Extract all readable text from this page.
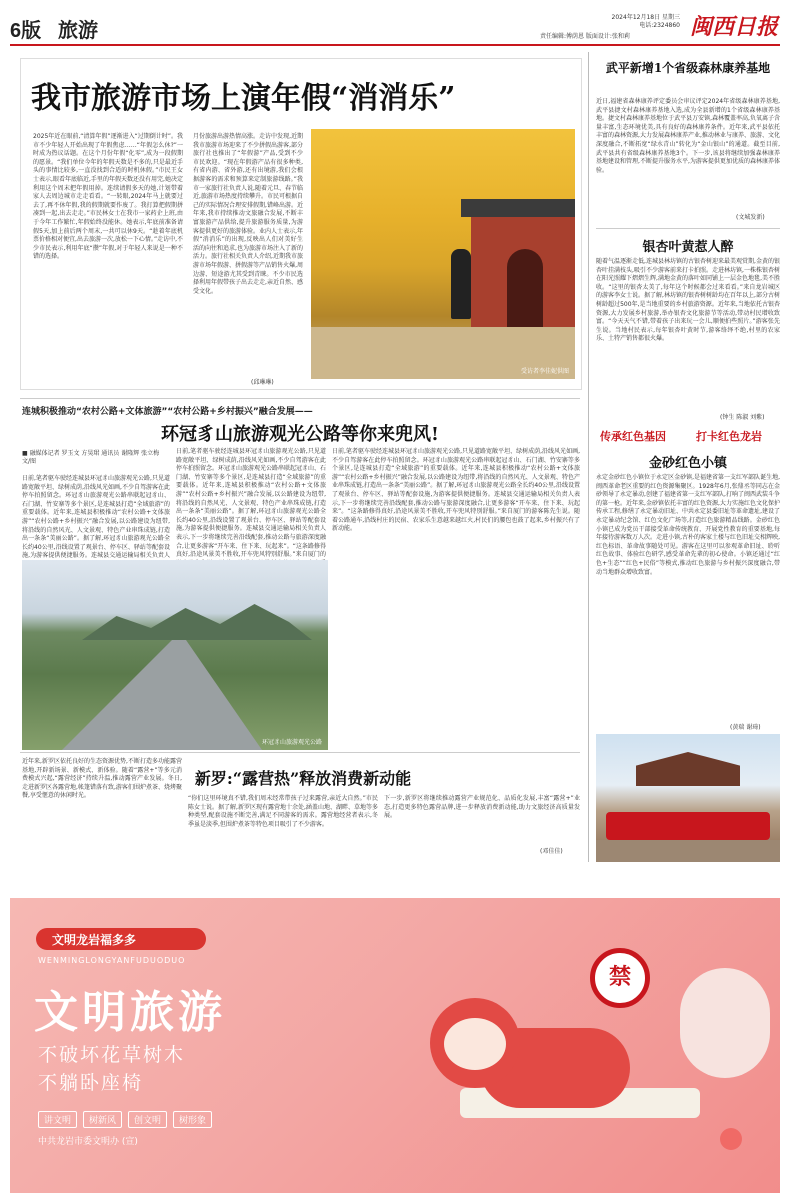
6版 旅游
2024年12月18日 星期三
电话:2324860
责任编辑:傅荫恩 版面设计:张和莉	闽西日报
我市旅游市场上演年假“消消乐”
2025年近在眼前,“清算年假”逐渐进入“过期倒计时”。我市不少年轻人开始出现了年假焦虑……“年假怎么休?”一时成为热议话题。在这个月份年假“化零”,成为一段假期的愿景。“我们单位今年的年假天数是不多的,只是最近手头的事情比较多,一直没找到合适的时机休假。”市民王女士表示,眼看年底临近,手里的年假天数还没有用完,她决定利用这个周末把年假用掉。连续请假多天的她,计划带着家人去周边城市走走看看。“一转眼,2024年马上就要过去了,再不休年假,我的假期就要作废了。我打算把假期拼凑到一起,出去走走。”市民林女士在我市一家药企上班,由于今年工作繁忙,年假始终没能休。她表示,年底前准备请假5天,加上前后两个周末,一共可以休9天。“趁着年底机票价格相对便宜,出去旅游一次,放松一下心情。”走访中,不少市民表示,利用年底“攒”年假,对于年轻人来说是一种不错的选择。
月份旅游出游热情高涨。走访中发现,近期我市旅游市场迎来了不少拼假出游客,部分旅行社也推出了“年假游”产品,受到不少市民欢迎。“现在年假游产品有很多种类,有省内游、省外游,还有出境游,我们会根据游客的需求和预算来定制旅游线路。”我市一家旅行社负责人说,随着元旦、春节临近,旅游市场热度持续攀升。市民可根据自己的实际情况合理安排假期,错峰出游。近年来,我市持续推动文旅融合发展,不断丰富旅游产品供给,提升旅游服务质量,为游客提供更好的旅游体验。业内人士表示,年假“消消乐”的出现,反映出人们对美好生活的向往和追求,也为旅游市场注入了新的活力。旅行社相关负责人介绍,近期我市旅游市场年假游、拼假游等产品销售火爆,周边游、短途游尤其受到青睐。不少市民选择利用年假带孩子出去走走,亲近自然、感受文化。
受访者李佳妮供图
(邱琳琳)
连城积极推动“农村公路+文体旅游”“农村公路+乡村振兴”融合发展——
环冠豸山旅游观光公路等你来兜风!
■ 融媒体记者 罗玉文 方昊珺 通讯员 谢隆辉 张立梅 文/图
日前,笔者驱车驶经连城县环冠豸山旅游观光公路,只见道路宽敞平坦、绿树成荫,沿线风光如画,不少自驾游客在此停车拍照留念。环冠豸山旅游观光公路串联起冠豸山、石门湖、竹安寨等多个景区,是连城县打造“全域旅游”的重要载体。近年来,连城县积极推动“农村公路+文体旅游”“农村公路+乡村振兴”融合发展,以公路建设为纽带,将沿线的自然风光、人文景观、特色产业串珠成链,打造出一条条“美丽公路”。据了解,环冠豸山旅游观光公路全长约40公里,沿线设置了观景台、停车区、驿站等配套设施,为游客提供便捷服务。连城县交通运输局相关负责人
日前,笔者驱车驶经连城县环冠豸山旅游观光公路,只见道路宽敞平坦、绿树成荫,沿线风光如画,不少自驾游客在此停车拍照留念。环冠豸山旅游观光公路串联起冠豸山、石门湖、竹安寨等多个景区,是连城县打造“全域旅游”的重要载体。近年来,连城县积极推动“农村公路+文体旅游”“农村公路+乡村振兴”融合发展,以公路建设为纽带,将沿线的自然风光、人文景观、特色产业串珠成链,打造出一条条“美丽公路”。据了解,环冠豸山旅游观光公路全长约40公里,沿线设置了观景台、停车区、驿站等配套设施,为游客提供便捷服务。连城县交通运输局相关负责人表示,下一步将继续完善沿线配套,推动公路与旅游深度融合,让更多游客“开车来、住下来、玩起来”。“这条路修得真好,沿途风景美不胜收,开车兜风特别舒服。”来自厦门的
日前,笔者驱车驶经连城县环冠豸山旅游观光公路,只见道路宽敞平坦、绿树成荫,沿线风光如画,不少自驾游客在此停车拍照留念。环冠豸山旅游观光公路串联起冠豸山、石门湖、竹安寨等多个景区,是连城县打造“全域旅游”的重要载体。近年来,连城县积极推动“农村公路+文体旅游”“农村公路+乡村振兴”融合发展,以公路建设为纽带,将沿线的自然风光、人文景观、特色产业串珠成链,打造出一条条“美丽公路”。据了解,环冠豸山旅游观光公路全长约40公里,沿线设置了观景台、停车区、驿站等配套设施,为游客提供便捷服务。连城县交通运输局相关负责人表示,下一步将继续完善沿线配套,推动公路与旅游深度融合,让更多游客“开车来、住下来、玩起来”。“这条路修得真好,沿途风景美不胜收,开车兜风特别舒服。”来自厦门的游客陈先生说。随着公路通车,沿线村庄的民宿、农家乐生意越来越红火,村民们的腰包也鼓了起来,乡村振兴有了新动能。
环冠豸山旅游观光公路
近年来,新罗区依托良好的生态资源优势,不断打造多功能露营基地,开辟新场景、新模式、新体验。随着“露营+”等多元消费模式兴起,“露营经济”持续升温,推动露营产业发展。冬日,走进新罗区各露营地,帐篷错落有致,游客们围炉煮茶、烧烤聚餐,享受惬意的休闲时光。
新罗:“露营热”释放消费新动能
“你们这里环境真不错,我们周末经常带孩子过来露营,亲近大自然。”市民陈女士说。据了解,新罗区现有露营地十余处,涵盖山地、湖畔、草地等多种类型,配套设施不断完善,满足不同游客的需求。露营地经营者表示,冬季虽是淡季,但围炉煮茶等特色项目吸引了不少游客。
下一步,新罗区将继续推动露营产业规范化、品质化发展,丰富“露营+”业态,打造更多特色露营品牌,进一步释放消费新动能,助力文旅经济高质量发展。
(邓佳佳)
武平新增1个省级森林康养基地
近日,福建省森林康养评定委员会审议评定2024年省级森林康养基地,武平县捷文村森林康养基地入选,成为全县新增的1个省级森林康养基地。捷文村森林康养基地位于武平县万安镇,森林覆盖率高,负氧离子含量丰富,生态环境优美,具有良好的森林康养条件。近年来,武平县依托丰富的森林资源,大力发展森林康养产业,推动林业与康养、旅游、文化深度融合,不断拓宽“绿水青山”转化为“金山银山”的通道。截至目前,武平县共有省级森林康养基地3个。下一步,该县将继续加强森林康养基地建设和管理,不断提升服务水平,为游客提供更加优质的森林康养体验。
(文城发新)
银杏叶黄惹人醉
随着气温逐渐走低,连城县林坊镇的古银杏树迎来最美观赏期,金黄的银杏叶挂满枝头,吸引不少游客前来打卡拍照。走进林坊镇,一株株银杏树在阳光照耀下熠熠生辉,满地金黄的落叶如同铺上一层金色地毯,美不胜收。“这里的银杏太美了,每年这个时候都会过来看看。”来自龙岩城区的游客李女士说。据了解,林坊镇的银杏树树龄均在百年以上,部分古树树龄超过500年,是当地重要的乡村旅游资源。近年来,当地依托古银杏资源,大力发展乡村旅游,举办银杏文化旅游节等活动,带动村民增收致富。“今天天气不错,带着孩子出来玩一会儿,顺便拍些照片。”游客张先生说。当地村民表示,每年银杏叶黄时节,游客络绎不绝,村里的农家乐、土特产销售都很火爆。
(钟生 陈淑 刘紫)
传承红色基因	打卡红色龙岩
金砂红色小镇
永定金砂红色小镇位于永定区金砂镇,是福建省第一支红军部队诞生地,闽西革命老区重要的红色资源集聚区。1928年6月,张鼎丞等同志在金砂领导了永定暴动,创建了福建省第一支红军部队,打响了闽西武装斗争的第一枪。近年来,金砂镇依托丰富的红色资源,大力实施红色文化保护传承工程,修缮了永定暴动旧址、中共永定县委旧址等革命遗址,建设了永定暴动纪念馆、红色文化广场等,打造红色旅游精品线路。金砂红色小镇已成为党员干部接受革命传统教育、开展党性教育的重要基地,每年接待游客数万人次。走进小镇,古朴的客家土楼与红色旧址交相辉映,红色标语、革命故事随处可见。游客在这里可以参观革命旧址、聆听红色故事、体验红色研学,感受革命先辈的初心使命。小镇还通过“红色+生态”“红色+民俗”等模式,推动红色旅游与乡村振兴深度融合,带动当地群众增收致富。
(黄瑞 谢琦)
文明龙岩福多多
WENMINGLONGYANFUDUODUO
文明旅游
不破坏花草树木
不躺卧座椅
讲文明 树新风 创文明 树形象
中共龙岩市委文明办 (宣)
禁
